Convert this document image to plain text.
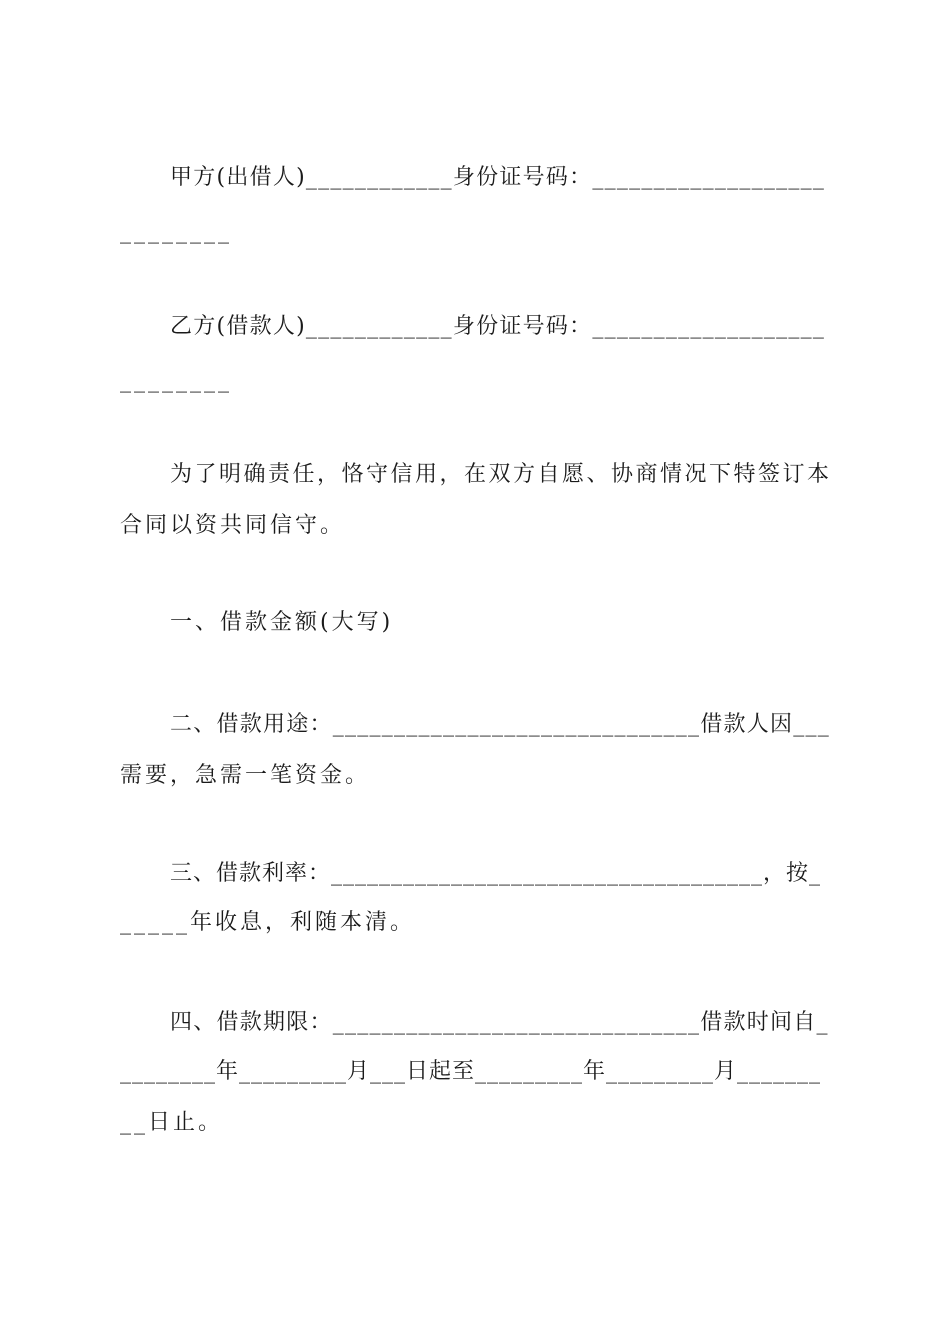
甲方(出借人)____________身份证号码：___________________
________
乙方(借款人)____________身份证号码：___________________
________
为了明确责任，恪守信用，在双方自愿、协商情况下特签订本
合同以资共同信守。
一、借款金额(大写)
二、借款用途：______________________________借款人因___
需要，急需一笔资金。
三、借款利率：____________________________________，按_
_____年收息，利随本清。
四、借款期限：______________________________借款时间自_
________年_________月___日起至_________年_________月_______
__日止。
